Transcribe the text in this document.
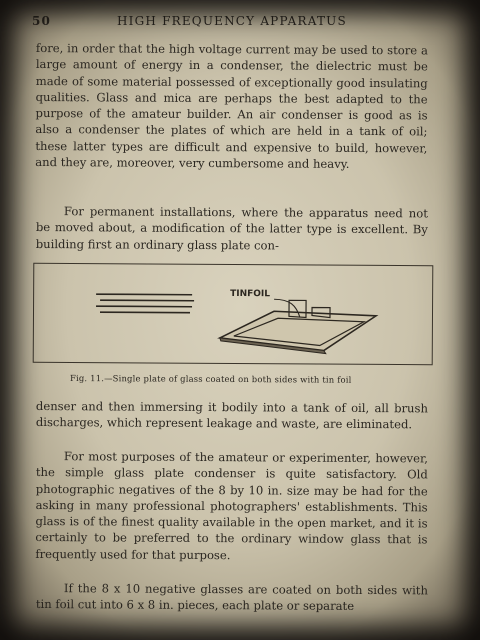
50	HIGH FREQUENCY APPARATUS

fore, in order that the high voltage current may be used to store a large amount of energy in a condenser, the dielectric must be made of some material possessed of exceptionally good insulating qualities. Glass and mica are perhaps the best adapted to the purpose of the amateur builder. An air condenser is good as is also a condenser the plates of which are held in a tank of oil; these latter types are difficult and expensive to build, however, and they are, moreover, very cumbersome and heavy.

For permanent installations, where the apparatus need not be moved about, a modification of the latter type is excellent. By building first an ordinary glass plate con-

TINFOIL
Fig. 11.—Single plate of glass coated on both sides with tin foil

denser and then immersing it bodily into a tank of oil, all brush discharges, which represent leakage and waste, are eliminated.

For most purposes of the amateur or experimenter, however, the simple glass plate condenser is quite satisfactory. Old photographic negatives of the 8 by 10 in. size may be had for the asking in many professional photographers' establishments. This glass is of the finest quality available in the open market, and it is certainly to be preferred to the ordinary window glass that is frequently used for that purpose.

If the 8 x 10 negative glasses are coated on both sides with tin foil cut into 6 x 8 in. pieces, each plate or separate
